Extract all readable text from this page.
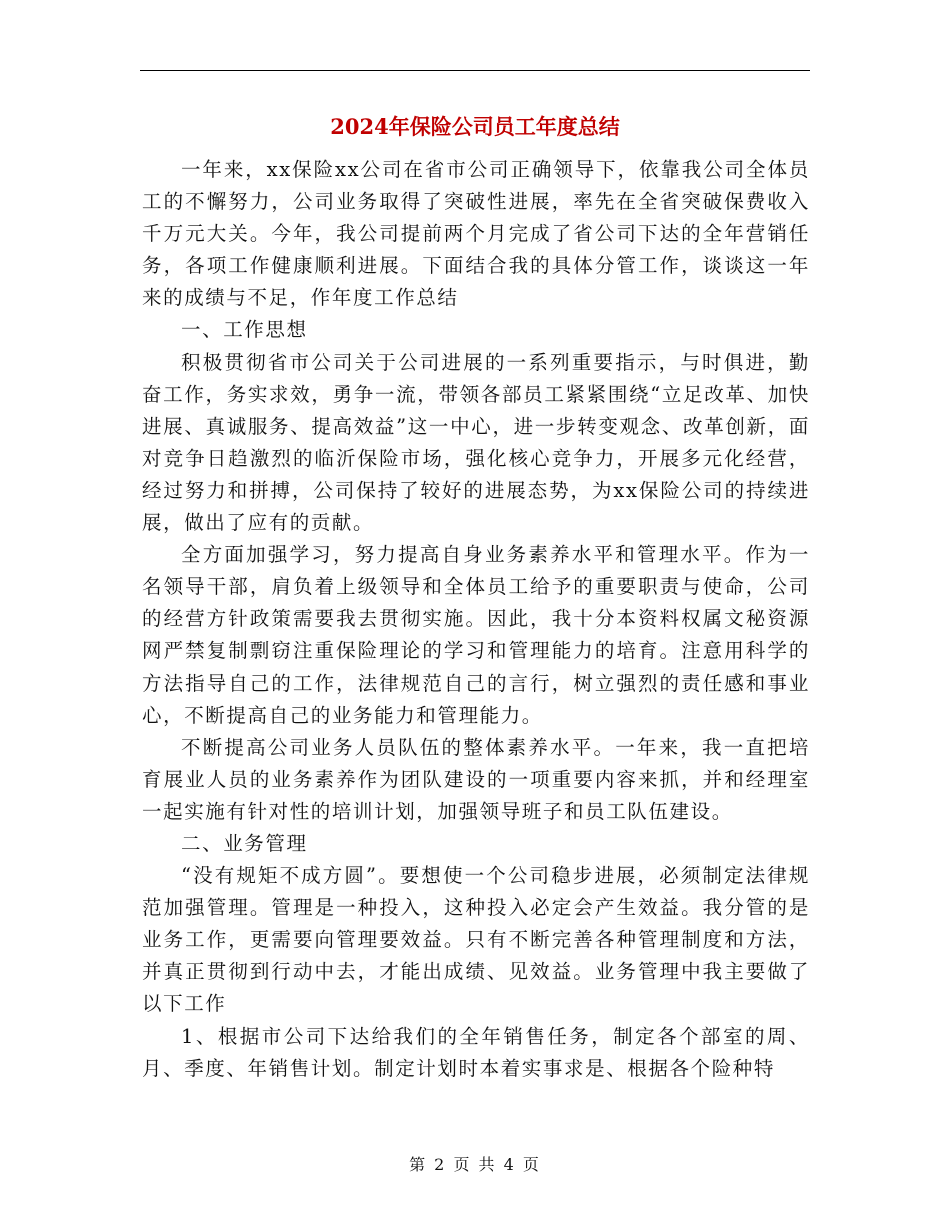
2024年保险公司员工年度总结

一年来，xx保险xx公司在省市公司正确领导下，依靠我公司全体员工的不懈努力，公司业务取得了突破性进展，率先在全省突破保费收入千万元大关。今年，我公司提前两个月完成了省公司下达的全年营销任务，各项工作健康顺利进展。下面结合我的具体分管工作，谈谈这一年来的成绩与不足，作年度工作总结

一、工作思想

积极贯彻省市公司关于公司进展的一系列重要指示，与时俱进，勤奋工作，务实求效，勇争一流，带领各部员工紧紧围绕“立足改革、加快进展、真诚服务、提高效益”这一中心，进一步转变观念、改革创新，面对竞争日趋激烈的临沂保险市场，强化核心竞争力，开展多元化经营，经过努力和拼搏，公司保持了较好的进展态势，为xx保险公司的持续进展，做出了应有的贡献。

全方面加强学习，努力提高自身业务素养水平和管理水平。作为一名领导干部，肩负着上级领导和全体员工给予的重要职责与使命，公司的经营方针政策需要我去贯彻实施。因此，我十分本资料权属文秘资源网严禁复制剽窃注重保险理论的学习和管理能力的培育。注意用科学的方法指导自己的工作，法律规范自己的言行，树立强烈的责任感和事业心，不断提高自己的业务能力和管理能力。

不断提高公司业务人员队伍的整体素养水平。一年来，我一直把培育展业人员的业务素养作为团队建设的一项重要内容来抓，并和经理室一起实施有针对性的培训计划，加强领导班子和员工队伍建设。

二、业务管理

“没有规矩不成方圆”。要想使一个公司稳步进展，必须制定法律规范加强管理。管理是一种投入，这种投入必定会产生效益。我分管的是业务工作，更需要向管理要效益。只有不断完善各种管理制度和方法，并真正贯彻到行动中去，才能出成绩、见效益。业务管理中我主要做了以下工作

1、根据市公司下达给我们的全年销售任务，制定各个部室的周、月、季度、年销售计划。制定计划时本着实事求是、根据各个险种特

第 2 页 共 4 页
